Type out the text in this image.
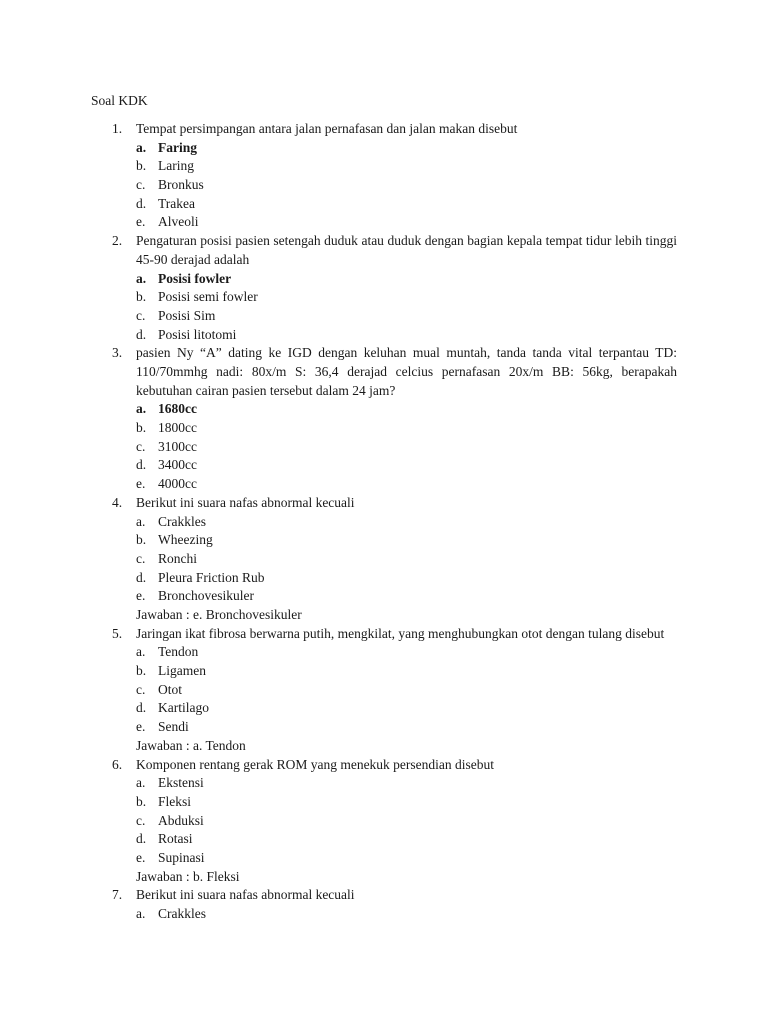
Soal KDK

1.	Tempat persimpangan antara jalan pernafasan dan jalan makan disebut
a. Faring
b. Laring
c. Bronkus
d. Trakea
e. Alveoli
2.	Pengaturan posisi pasien setengah duduk atau duduk dengan bagian kepala tempat tidur lebih tinggi 45-90 derajad adalah
a. Posisi fowler
b. Posisi semi fowler
c. Posisi Sim
d. Posisi litotomi
3.	pasien Ny “A” dating ke IGD dengan keluhan mual muntah, tanda tanda vital terpantau TD: 110/70mmhg nadi: 80x/m S: 36,4 derajad celcius pernafasan 20x/m BB: 56kg, berapakah kebutuhan cairan pasien tersebut dalam 24 jam?
a. 1680cc
b. 1800cc
c. 3100cc
d. 3400cc
e. 4000cc
4.	Berikut ini suara nafas abnormal kecuali
a. Crakkles
b. Wheezing
c. Ronchi
d. Pleura Friction Rub
e. Bronchovesikuler
Jawaban : e. Bronchovesikuler
5.	Jaringan ikat fibrosa berwarna putih, mengkilat, yang menghubungkan otot dengan tulang disebut
a. Tendon
b. Ligamen
c. Otot
d. Kartilago
e. Sendi
Jawaban : a. Tendon
6.	Komponen rentang gerak ROM yang menekuk persendian disebut
a. Ekstensi
b. Fleksi
c. Abduksi
d. Rotasi
e. Supinasi
Jawaban : b. Fleksi
7.	Berikut ini suara nafas abnormal kecuali
a. Crakkles
